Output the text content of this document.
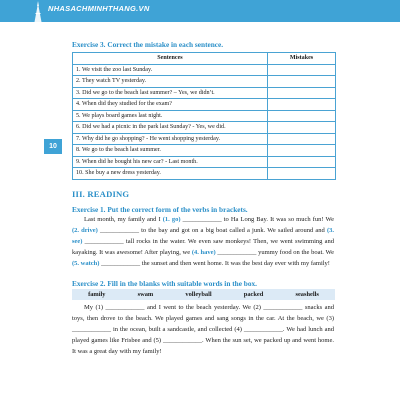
NHASACHMINHTHANG.VN
10
Exercise 3. Correct the mistake in each sentence.
Sentences	Mistakes
1. We visit the zoo last Sunday.	
2. They watch TV yesterday.	
3. Did we go to the beach last summer? – Yes, we didn’t.	
4. When did they studied for the exam?	
5. We plays board games last night.	
6. Did we had a picnic in the park last Sunday? - Yes, we did.	
7. Why did he go shopping? - He went shopping yesterday.	
8. We go to the beach last summer.	
9. When did he bought his new car? - Last month.	
10. She buy a new dress yesterday.	
III. READING
Exercise 1. Put the correct form of the verbs in brackets.

Last month, my family and I (1. go) ____________ to Ha Long Bay. It was so much fun! We (2. drive) ____________ to the bay and got on a big boat called a junk. We sailed around and (3. see) ____________ tall rocks in the water. We even saw monkeys! Then, we went swimming and kayaking. It was awesome! After playing, we (4. have) ____________ yummy food on the boat. We (5. watch) ____________ the sunset and then went home. It was the best day ever with my family!

Exercise 2. Fill in the blanks with suitable words in the box.
family	swam	volleyball	packed	seashells

My (1) ____________ and I went to the beach yesterday. We (2) ____________ snacks and toys, then drove to the beach. We played games and sang songs in the car. At the beach, we (3) ____________ in the ocean, built a sandcastle, and collected (4) ____________. We had lunch and played games like Frisbee and (5) ____________. When the sun set, we packed up and went home. It was a great day with my family!
